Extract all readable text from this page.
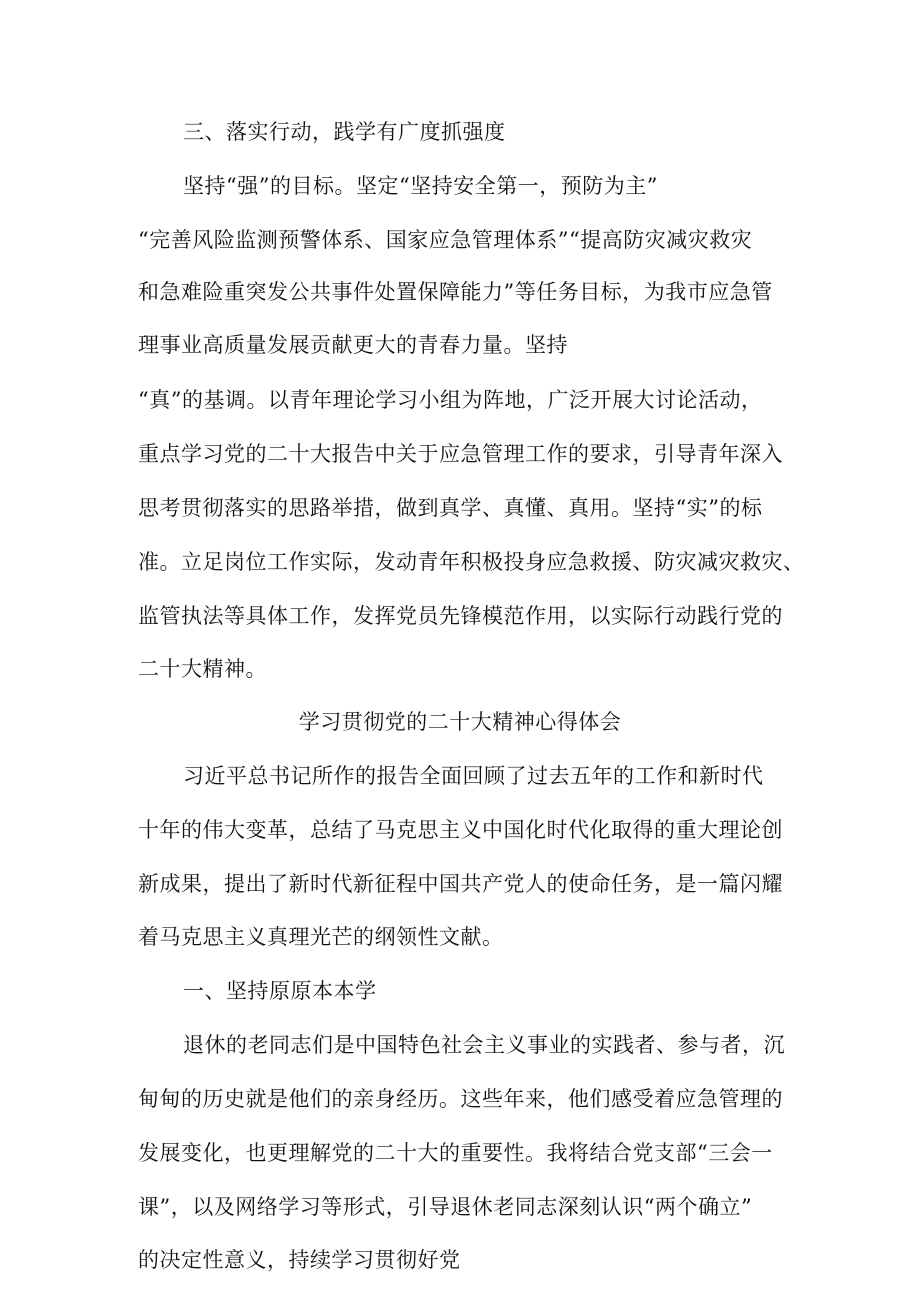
三、落实行动，践学有广度抓强度
坚持“强”的目标。坚定“坚持安全第一，预防为主”
“完善风险监测预警体系、国家应急管理体系”“提高防灾减灾救灾
和急难险重突发公共事件处置保障能力”等任务目标，为我市应急管
理事业高质量发展贡献更大的青春力量。坚持
“真”的基调。以青年理论学习小组为阵地，广泛开展大讨论活动，
重点学习党的二十大报告中关于应急管理工作的要求，引导青年深入
思考贯彻落实的思路举措，做到真学、真懂、真用。坚持“实”的标
准。立足岗位工作实际，发动青年积极投身应急救援、防灾减灾救灾、
监管执法等具体工作，发挥党员先锋模范作用，以实际行动践行党的
二十大精神。
学习贯彻党的二十大精神心得体会
习近平总书记所作的报告全面回顾了过去五年的工作和新时代
十年的伟大变革，总结了马克思主义中国化时代化取得的重大理论创
新成果，提出了新时代新征程中国共产党人的使命任务，是一篇闪耀
着马克思主义真理光芒的纲领性文献。
一、坚持原原本本学
退休的老同志们是中国特色社会主义事业的实践者、参与者，沉
甸甸的历史就是他们的亲身经历。这些年来，他们感受着应急管理的
发展变化，也更理解党的二十大的重要性。我将结合党支部“三会一
课”，以及网络学习等形式，引导退休老同志深刻认识“两个确立”
的决定性意义，持续学习贯彻好党
